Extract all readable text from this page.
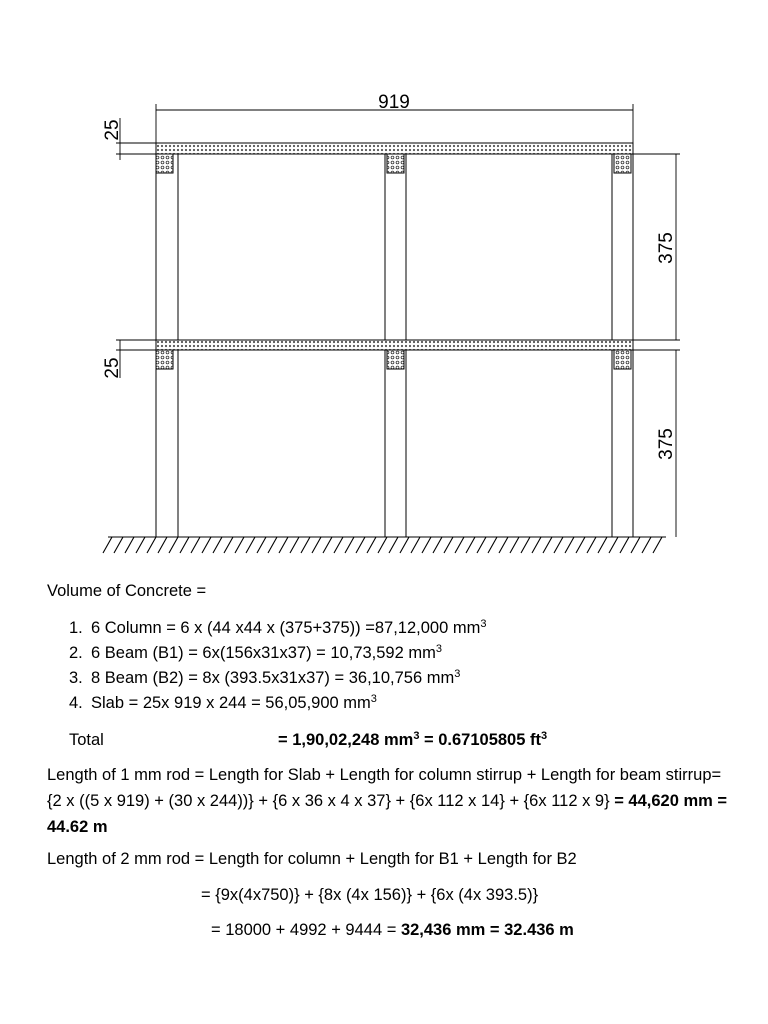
919
25
25
375
375
Volume of Concrete =
1. 6 Column = 6 x (44 x44 x (375+375)) =87,12,000 $mm^3$
2. 6 Beam (B1) = 6x(156x31x37) = 10,73,592 $mm^3$
3. 8 Beam (B2) = 8x (393.5x31x37) = 36,10,756 $mm^3$
4. Slab = 25x 919 x 244 = 56,05,900 $mm^3$
Total	= 1,90,02,248 $mm^3 = 0.67105805$ $ft^3$
Length of 1 mm rod = Length for Slab + Length for column stirrup + Length for beam stirrup= {2 x ((5 x 919) + (30 x 244))} + {6 x 36 x 4 x 37} + {6x 112 x 14} + {6x 112 x 9} = 44,620 mm = 44.62 m
Length of 2 mm rod = Length for column + Length for B1 + Length for B2
= {9x(4x750)} + {8x (4x 156)} + {6x (4x 393.5)}
= 18000 + 4992 + 9444 = 32,436 mm = 32.436 m
